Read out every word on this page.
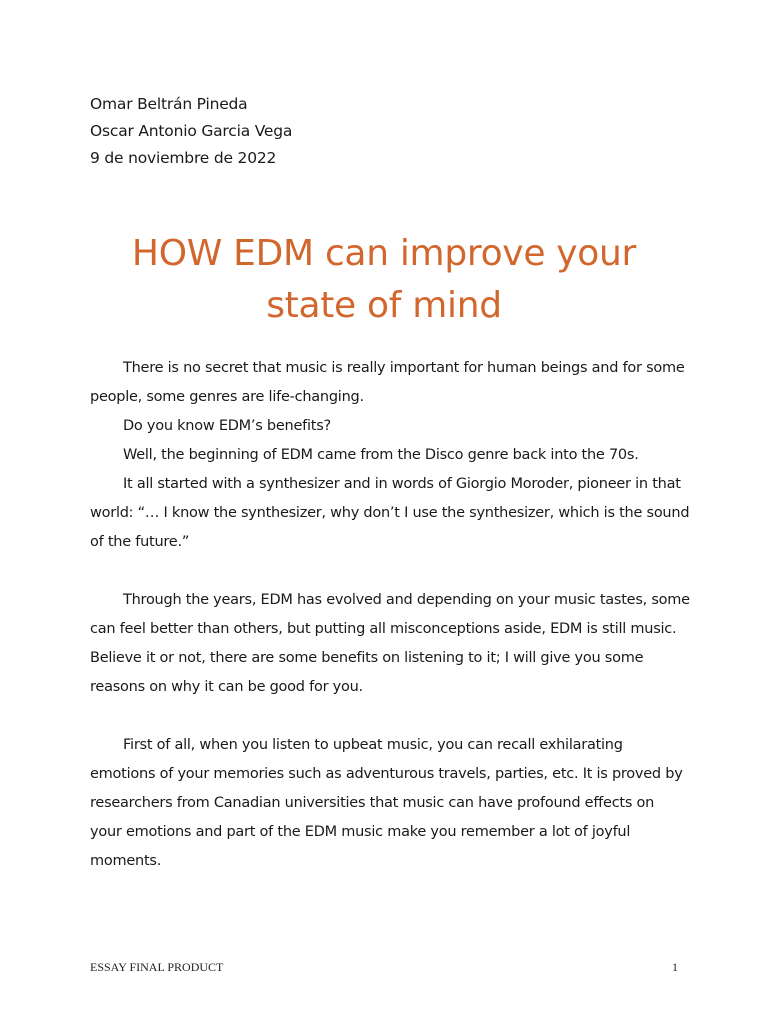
Omar Beltrán Pineda
Oscar Antonio Garcia Vega
9 de noviembre de 2022
HOW EDM can improve your
state of mind

There is no secret that music is really important for human beings and for some people, some genres are life-changing.

Do you know EDM’s benefits?

Well, the beginning of EDM came from the Disco genre back into the 70s.

It all started with a synthesizer and in words of Giorgio Moroder, pioneer in that world: “… I know the synthesizer, why don’t I use the synthesizer, which is the sound of the future.”

Through the years, EDM has evolved and depending on your music tastes, some can feel better than others, but putting all misconceptions aside, EDM is still music. Believe it or not, there are some benefits on listening to it; I will give you some reasons on why it can be good for you.

First of all, when you listen to upbeat music, you can recall exhilarating emotions of your memories such as adventurous travels, parties, etc. It is proved by researchers from Canadian universities that music can have profound effects on your emotions and part of the EDM music make you remember a lot of joyful moments.

ESSAY FINAL PRODUCT	1
